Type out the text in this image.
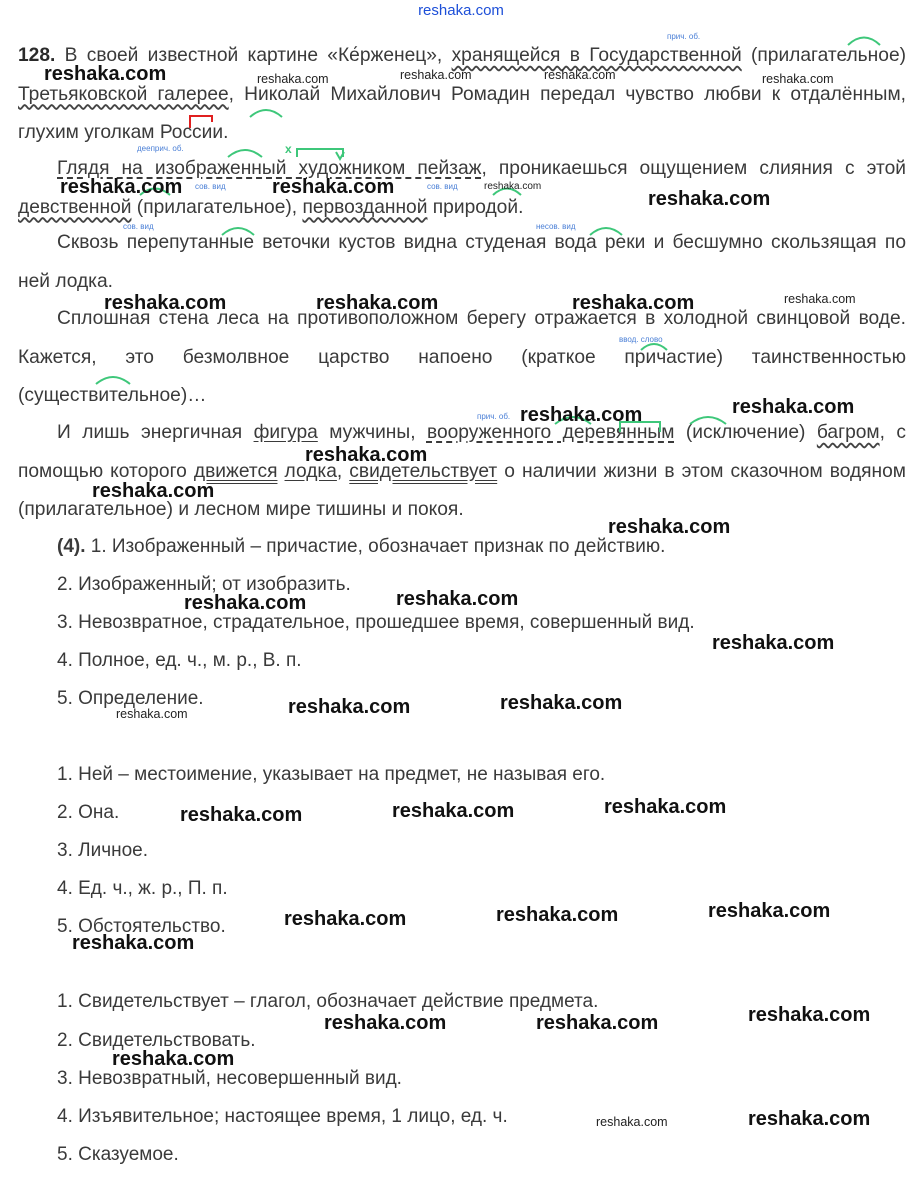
reshaka.com

128. В своей известной картине «Ке́рженец», хранящейся в Государственной (прилагательное) Третьяковской галерее, Николай Михайлович Ромадин передал чувство любви к отдалённым, глухим уголкам России.

Глядя на изображенный художником пейзаж, проникаешься ощущением слияния с этой девственной (прилагательное), первозданной природой.

Сквозь перепутанные веточки кустов видна студеная вода реки и бесшумно скользящая по ней лодка.

Сплошная стена леса на противоположном берегу отражается в холодной свинцовой воде. Кажется, это безмолвное царство напоено (краткое причастие) таинственностью (существительное)…

И лишь энергичная фигура мужчины, вооруженного деревянным (исключение) багром, с помощью которого движется лодка, свидетельствует о наличии жизни в этом сказочном водяном (прилагательное) и лесном мире тишины и покоя.

прич. об.
деeприч. об.
сов. вид	сов. вид
сов. вид	несов. вид
ввод. слово
прич. об.
x
(4). 1. Изображенный – причастие, обозначает признак по действию.
2. Изображенный; от изобразить.
3. Невозвратное, страдательное, прошедшее время, совершенный вид.
4. Полное, ед. ч., м. р., В. п.
5. Определение.
1. Ней – местоимение, указывает на предмет, не называя его.
2. Она.
3. Личное.
4. Ед. ч., ж. р., П. п.
5. Обстоятельство.
1. Свидетельствует – глагол, обозначает действие предмета.
2. Свидетельствовать.
3. Невозвратный, несовершенный вид.
4. Изъявительное; настоящее время, 1 лицо, ед. ч.
5. Сказуемое.
reshaka.com	reshaka.com	reshaka.com	reshaka.com	reshaka.com
reshaka.com	reshaka.com	reshaka.com
reshaka.com
reshaka.com	reshaka.com	reshaka.com	reshaka.com
reshaka.com	reshaka.com
reshaka.com
reshaka.com
reshaka.com
reshaka.com	reshaka.com
reshaka.com
reshaka.com	reshaka.com
reshaka.com
reshaka.com	reshaka.com	reshaka.com
reshaka.com	reshaka.com	reshaka.com
reshaka.com
reshaka.com	reshaka.com	reshaka.com
reshaka.com
reshaka.com	reshaka.com
